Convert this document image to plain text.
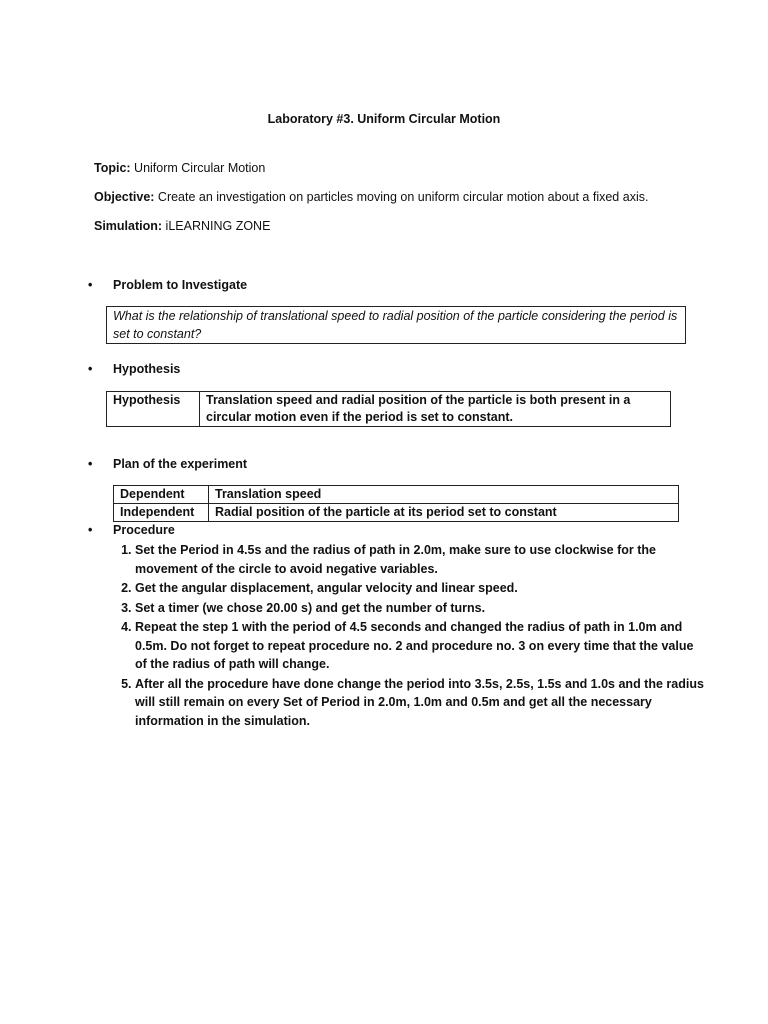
Laboratory #3. Uniform Circular Motion
Topic: Uniform Circular Motion
Objective: Create an investigation on particles moving on uniform circular motion about a fixed axis.
Simulation: iLEARNING ZONE
• Problem to Investigate
What is the relationship of translational speed to radial position of the particle considering the period is set to constant?
• Hypothesis
Hypothesis	Translation speed and radial position of the particle is both present in a circular motion even if the period is set to constant.
• Plan of the experiment
Dependent	Translation speed
Independent	Radial position of the particle at its period set to constant
• Procedure
1. Set the Period in 4.5s and the radius of path in 2.0m, make sure to use clockwise for the movement of the circle to avoid negative variables.
2. Get the angular displacement, angular velocity and linear speed.
3. Set a timer (we chose 20.00 s) and get the number of turns.
4. Repeat the step 1 with the period of 4.5 seconds and changed the radius of path in 1.0m and 0.5m. Do not forget to repeat procedure no. 2 and procedure no. 3 on every time that the value of the radius of path will change.
5. After all the procedure have done change the period into 3.5s, 2.5s, 1.5s and 1.0s and the radius will still remain on every Set of Period in 2.0m, 1.0m and 0.5m and get all the necessary information in the simulation.
